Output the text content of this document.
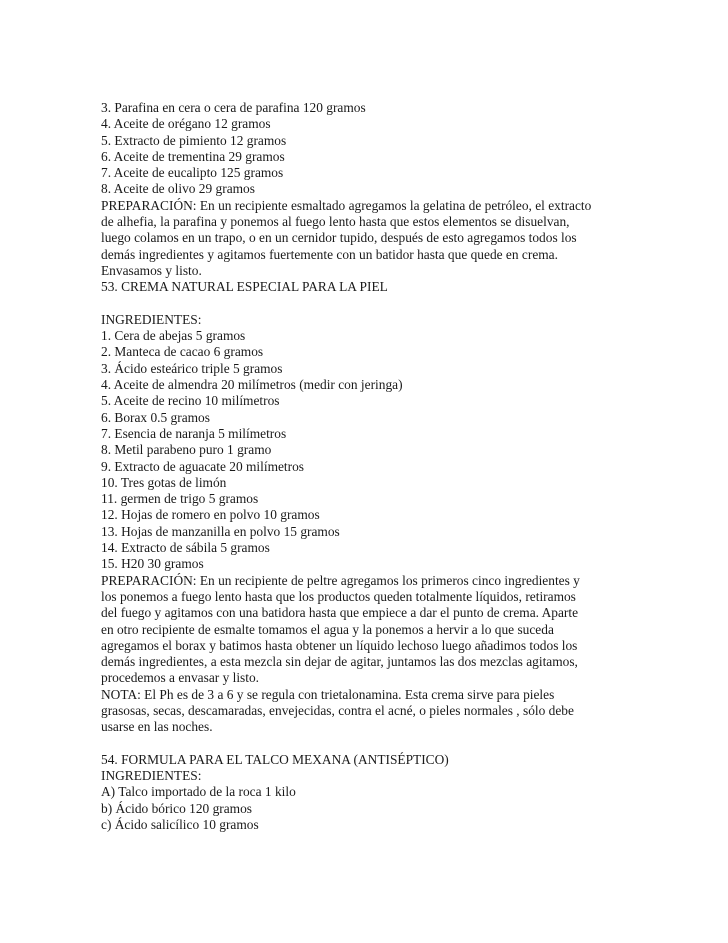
3. Parafina en cera o cera de parafina 120 gramos
4. Aceite de orégano 12 gramos
5. Extracto de pimiento 12 gramos
6. Aceite de trementina 29 gramos
7. Aceite de eucalipto 125 gramos
8. Aceite de olivo 29 gramos
PREPARACIÓN: En un recipiente esmaltado agregamos la gelatina de petróleo, el extracto
de alhefia, la parafina y ponemos al fuego lento hasta que estos elementos se disuelvan,
luego colamos en un trapo, o en un cernidor tupido, después de esto agregamos todos los
demás ingredientes y agitamos fuertemente con un batidor hasta que quede en crema.
Envasamos y listo.
53. CREMA NATURAL ESPECIAL PARA LA PIEL
INGREDIENTES:
1. Cera de abejas 5 gramos
2. Manteca de cacao 6 gramos
3. Ácido esteárico triple 5 gramos
4. Aceite de almendra 20 milímetros (medir con jeringa)
5. Aceite de recino 10 milímetros
6. Borax 0.5 gramos
7. Esencia de naranja 5 milímetros
8. Metil parabeno puro 1 gramo
9. Extracto de aguacate 20 milímetros
10. Tres gotas de limón
11. germen de trigo 5 gramos
12. Hojas de romero en polvo 10 gramos
13. Hojas de manzanilla en polvo 15 gramos
14. Extracto de sábila 5 gramos
15. H20 30 gramos
PREPARACIÓN: En un recipiente de peltre agregamos los primeros cinco ingredientes y
los ponemos a fuego lento hasta que los productos queden totalmente líquidos, retiramos
del fuego y agitamos con una batidora hasta que empiece a dar el punto de crema. Aparte
en otro recipiente de esmalte tomamos el agua y la ponemos a hervir a lo que suceda
agregamos el borax y batimos hasta obtener un líquido lechoso luego añadimos todos los
demás ingredientes, a esta mezcla sin dejar de agitar, juntamos las dos mezclas agitamos,
procedemos a envasar y listo.
NOTA: El Ph es de 3 a 6 y se regula con trietalonamina. Esta crema sirve para pieles
grasosas, secas, descamaradas, envejecidas, contra el acné, o pieles normales , sólo debe
usarse en las noches.
54. FORMULA PARA EL TALCO MEXANA (ANTISÉPTICO)
INGREDIENTES:
A) Talco importado de la roca 1 kilo
b) Ácido bórico 120 gramos
c) Ácido salicílico 10 gramos
